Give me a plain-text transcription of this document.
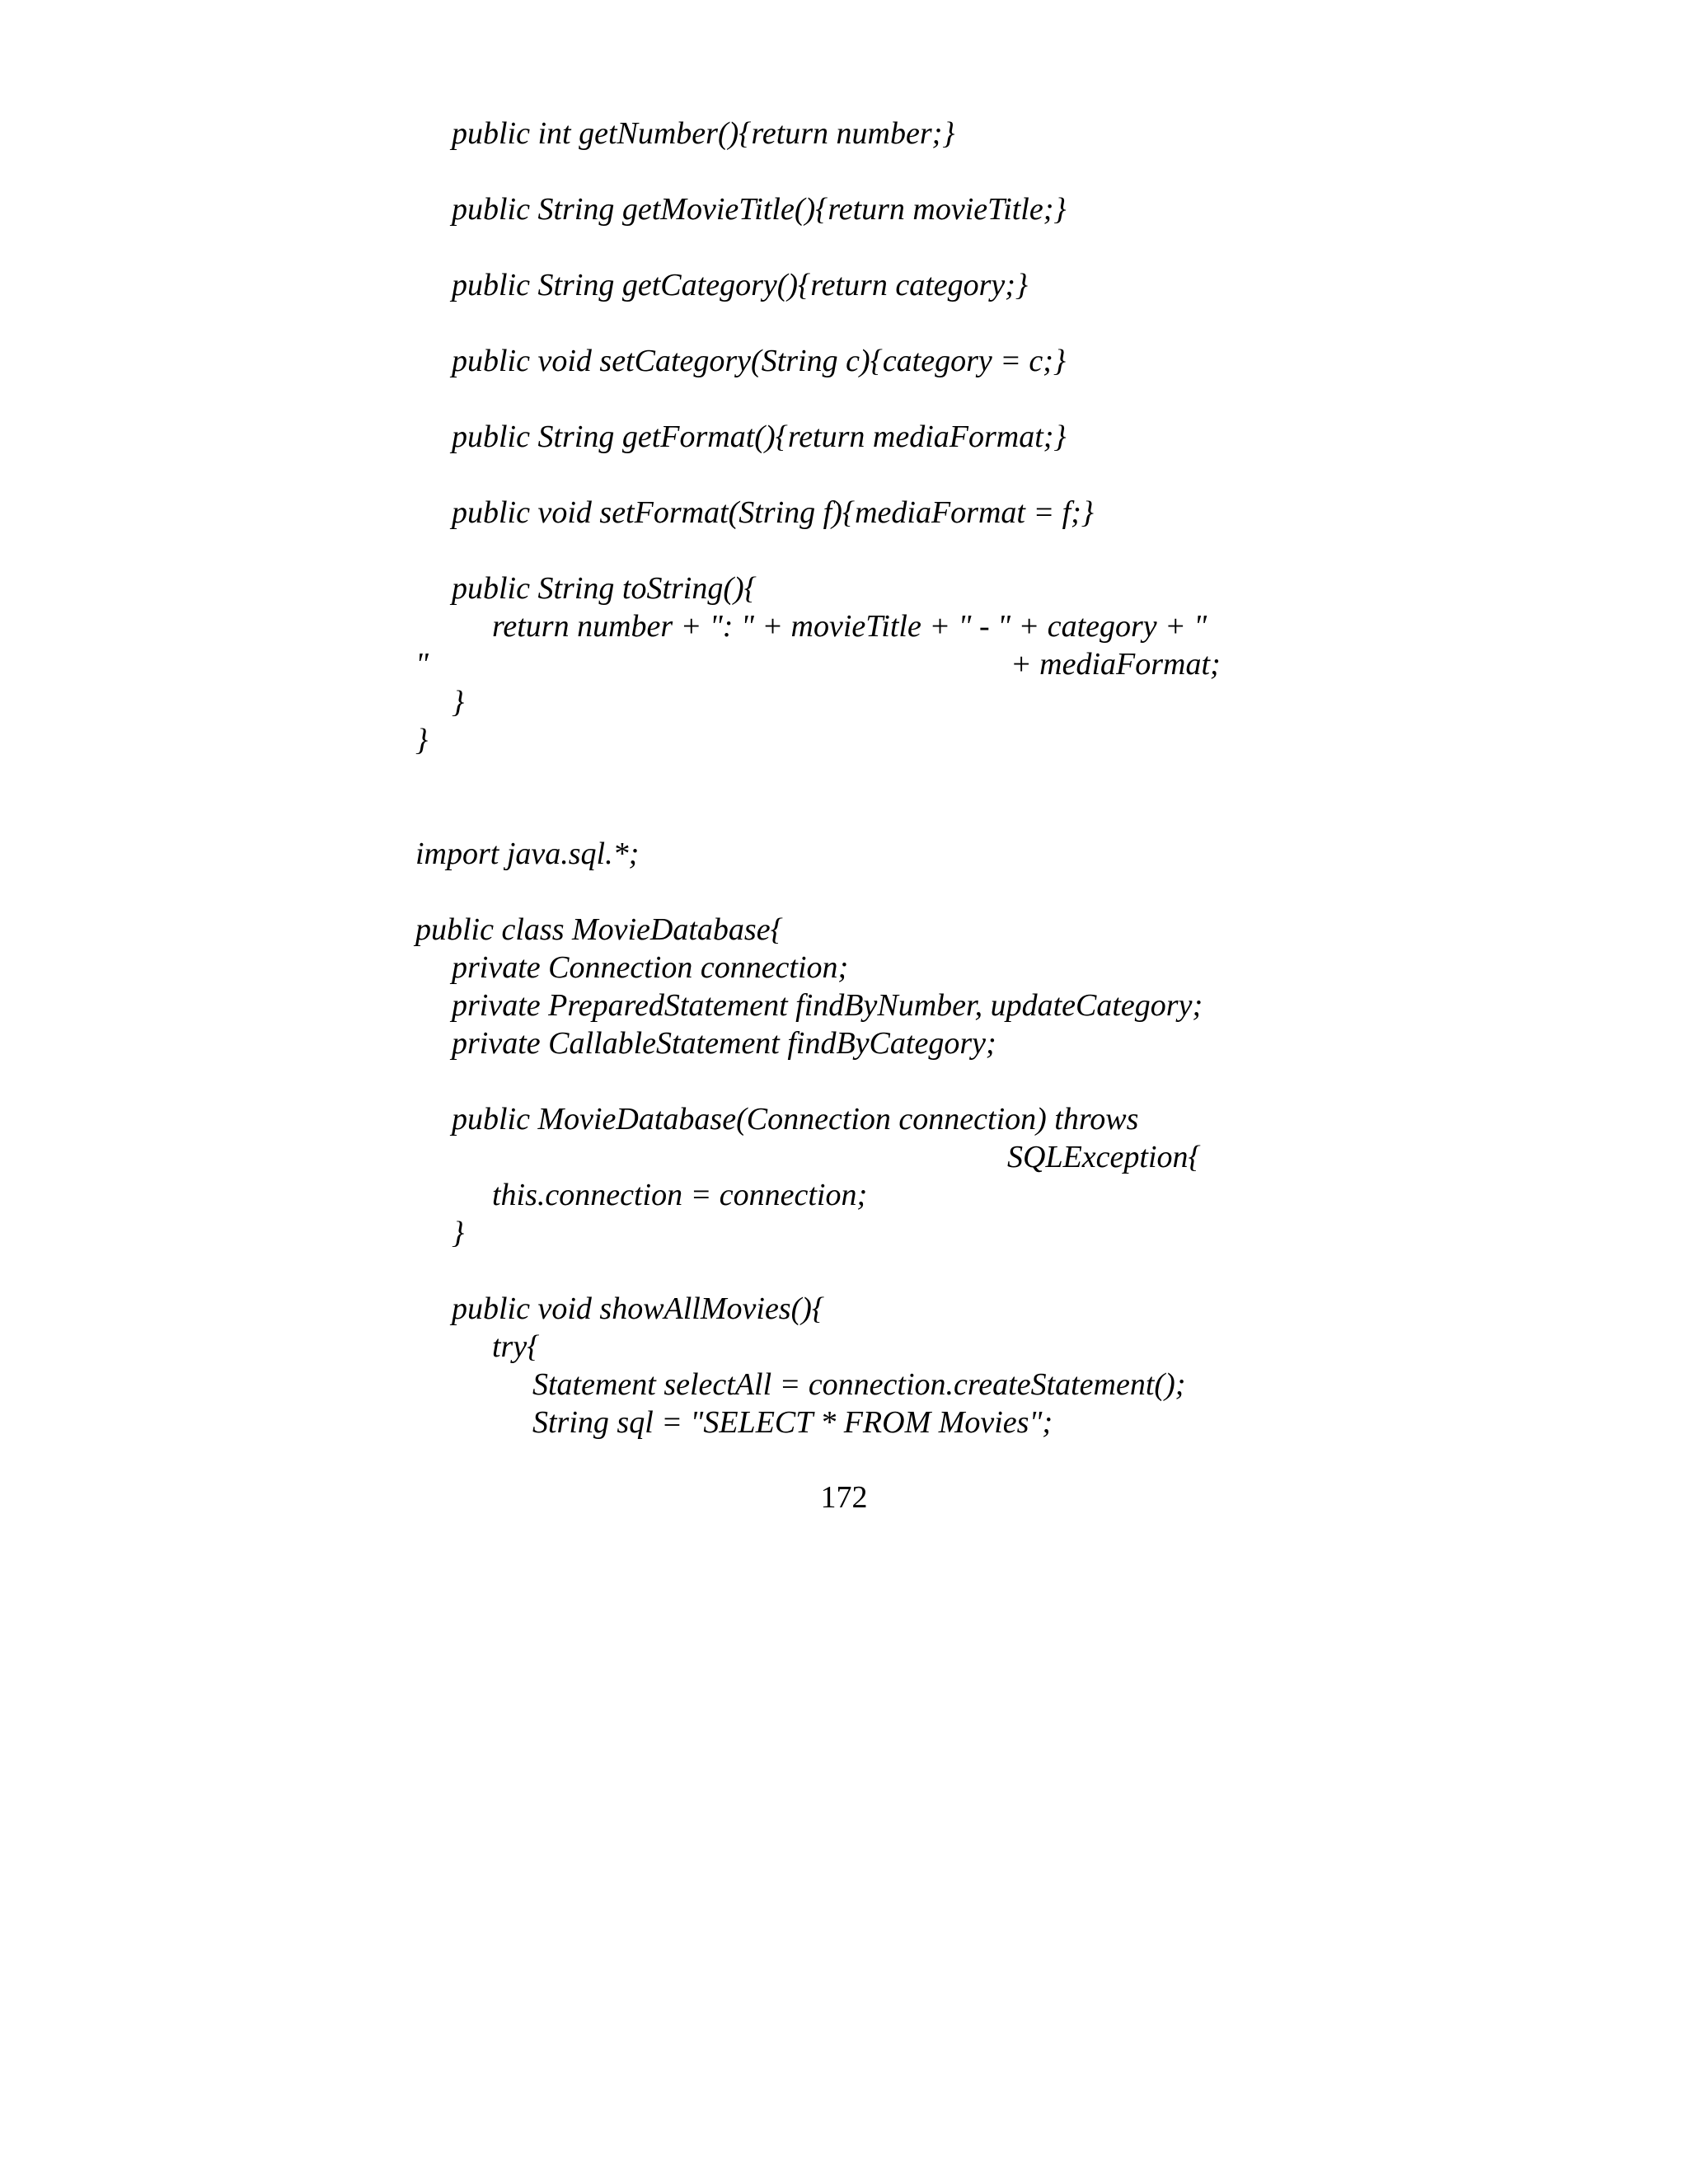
public int getNumber(){return number;}
public String getMovieTitle(){return movieTitle;}
public String getCategory(){return category;}
public void setCategory(String c){category = c;}
public String getFormat(){return mediaFormat;}
public void setFormat(String f){mediaFormat = f;}
public String toString(){
return number + ": " + movieTitle + " - " + category + "
"	+ mediaFormat;
}
}
import java.sql.*;
public class MovieDatabase{
private Connection connection;
private PreparedStatement findByNumber, updateCategory;
private CallableStatement findByCategory;
public MovieDatabase(Connection connection) throws
SQLException{
this.connection = connection;
}
public void showAllMovies(){
try{
Statement selectAll = connection.createStatement();
String sql = "SELECT * FROM Movies";
172
